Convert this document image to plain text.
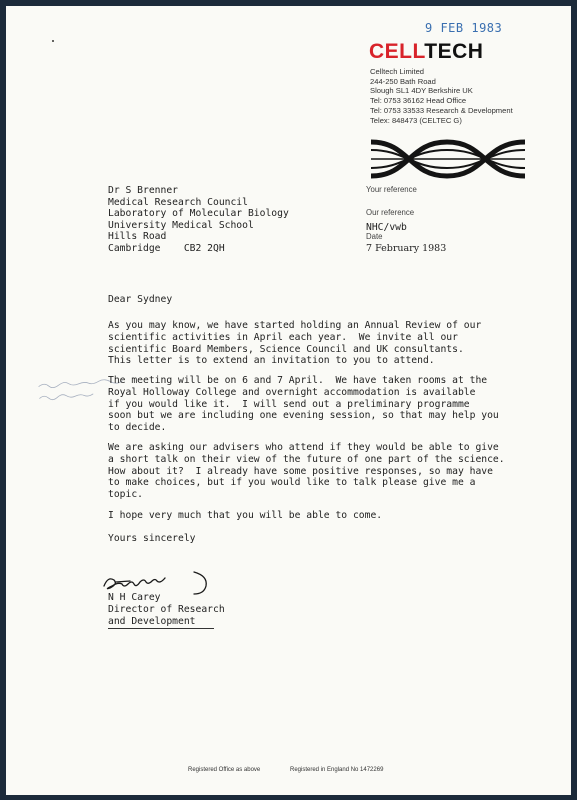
9 FEB 1983
CELLTECH
Celltech Limited
244-250 Bath Road
Slough SL1 4DY Berkshire UK
Tel: 0753 36162 Head Office
Tel: 0753 33533 Research & Development
Telex: 848473 (CELTEC G)
Your reference
Our reference
NHC/vwb
Date
7 February 1983
Dr S Brenner
Medical Research Council
Laboratory of Molecular Biology
University Medical School
Hills Road
Cambridge    CB2 2QH
Dear Sydney
As you may know, we have started holding an Annual Review of our
scientific activities in April each year.  We invite all our
scientific Board Members, Science Council and UK consultants.
This letter is to extend an invitation to you to attend.

The meeting will be on 6 and 7 April.  We have taken rooms at the
Royal Holloway College and overnight accommodation is available
if you would like it.  I will send out a preliminary programme
soon but we are including one evening session, so that may help you
to decide.
We are asking our advisers who attend if they would be able to give
a short talk on their view of the future of one part of the science.
How about it?  I already have some positive responses, so may have
to make choices, but if you would like to talk please give me a
topic.
I hope very much that you will be able to come.
Yours sincerely
N H Carey
Director of Research
and Development
Registered Office as above	Registered in England No 1472269
